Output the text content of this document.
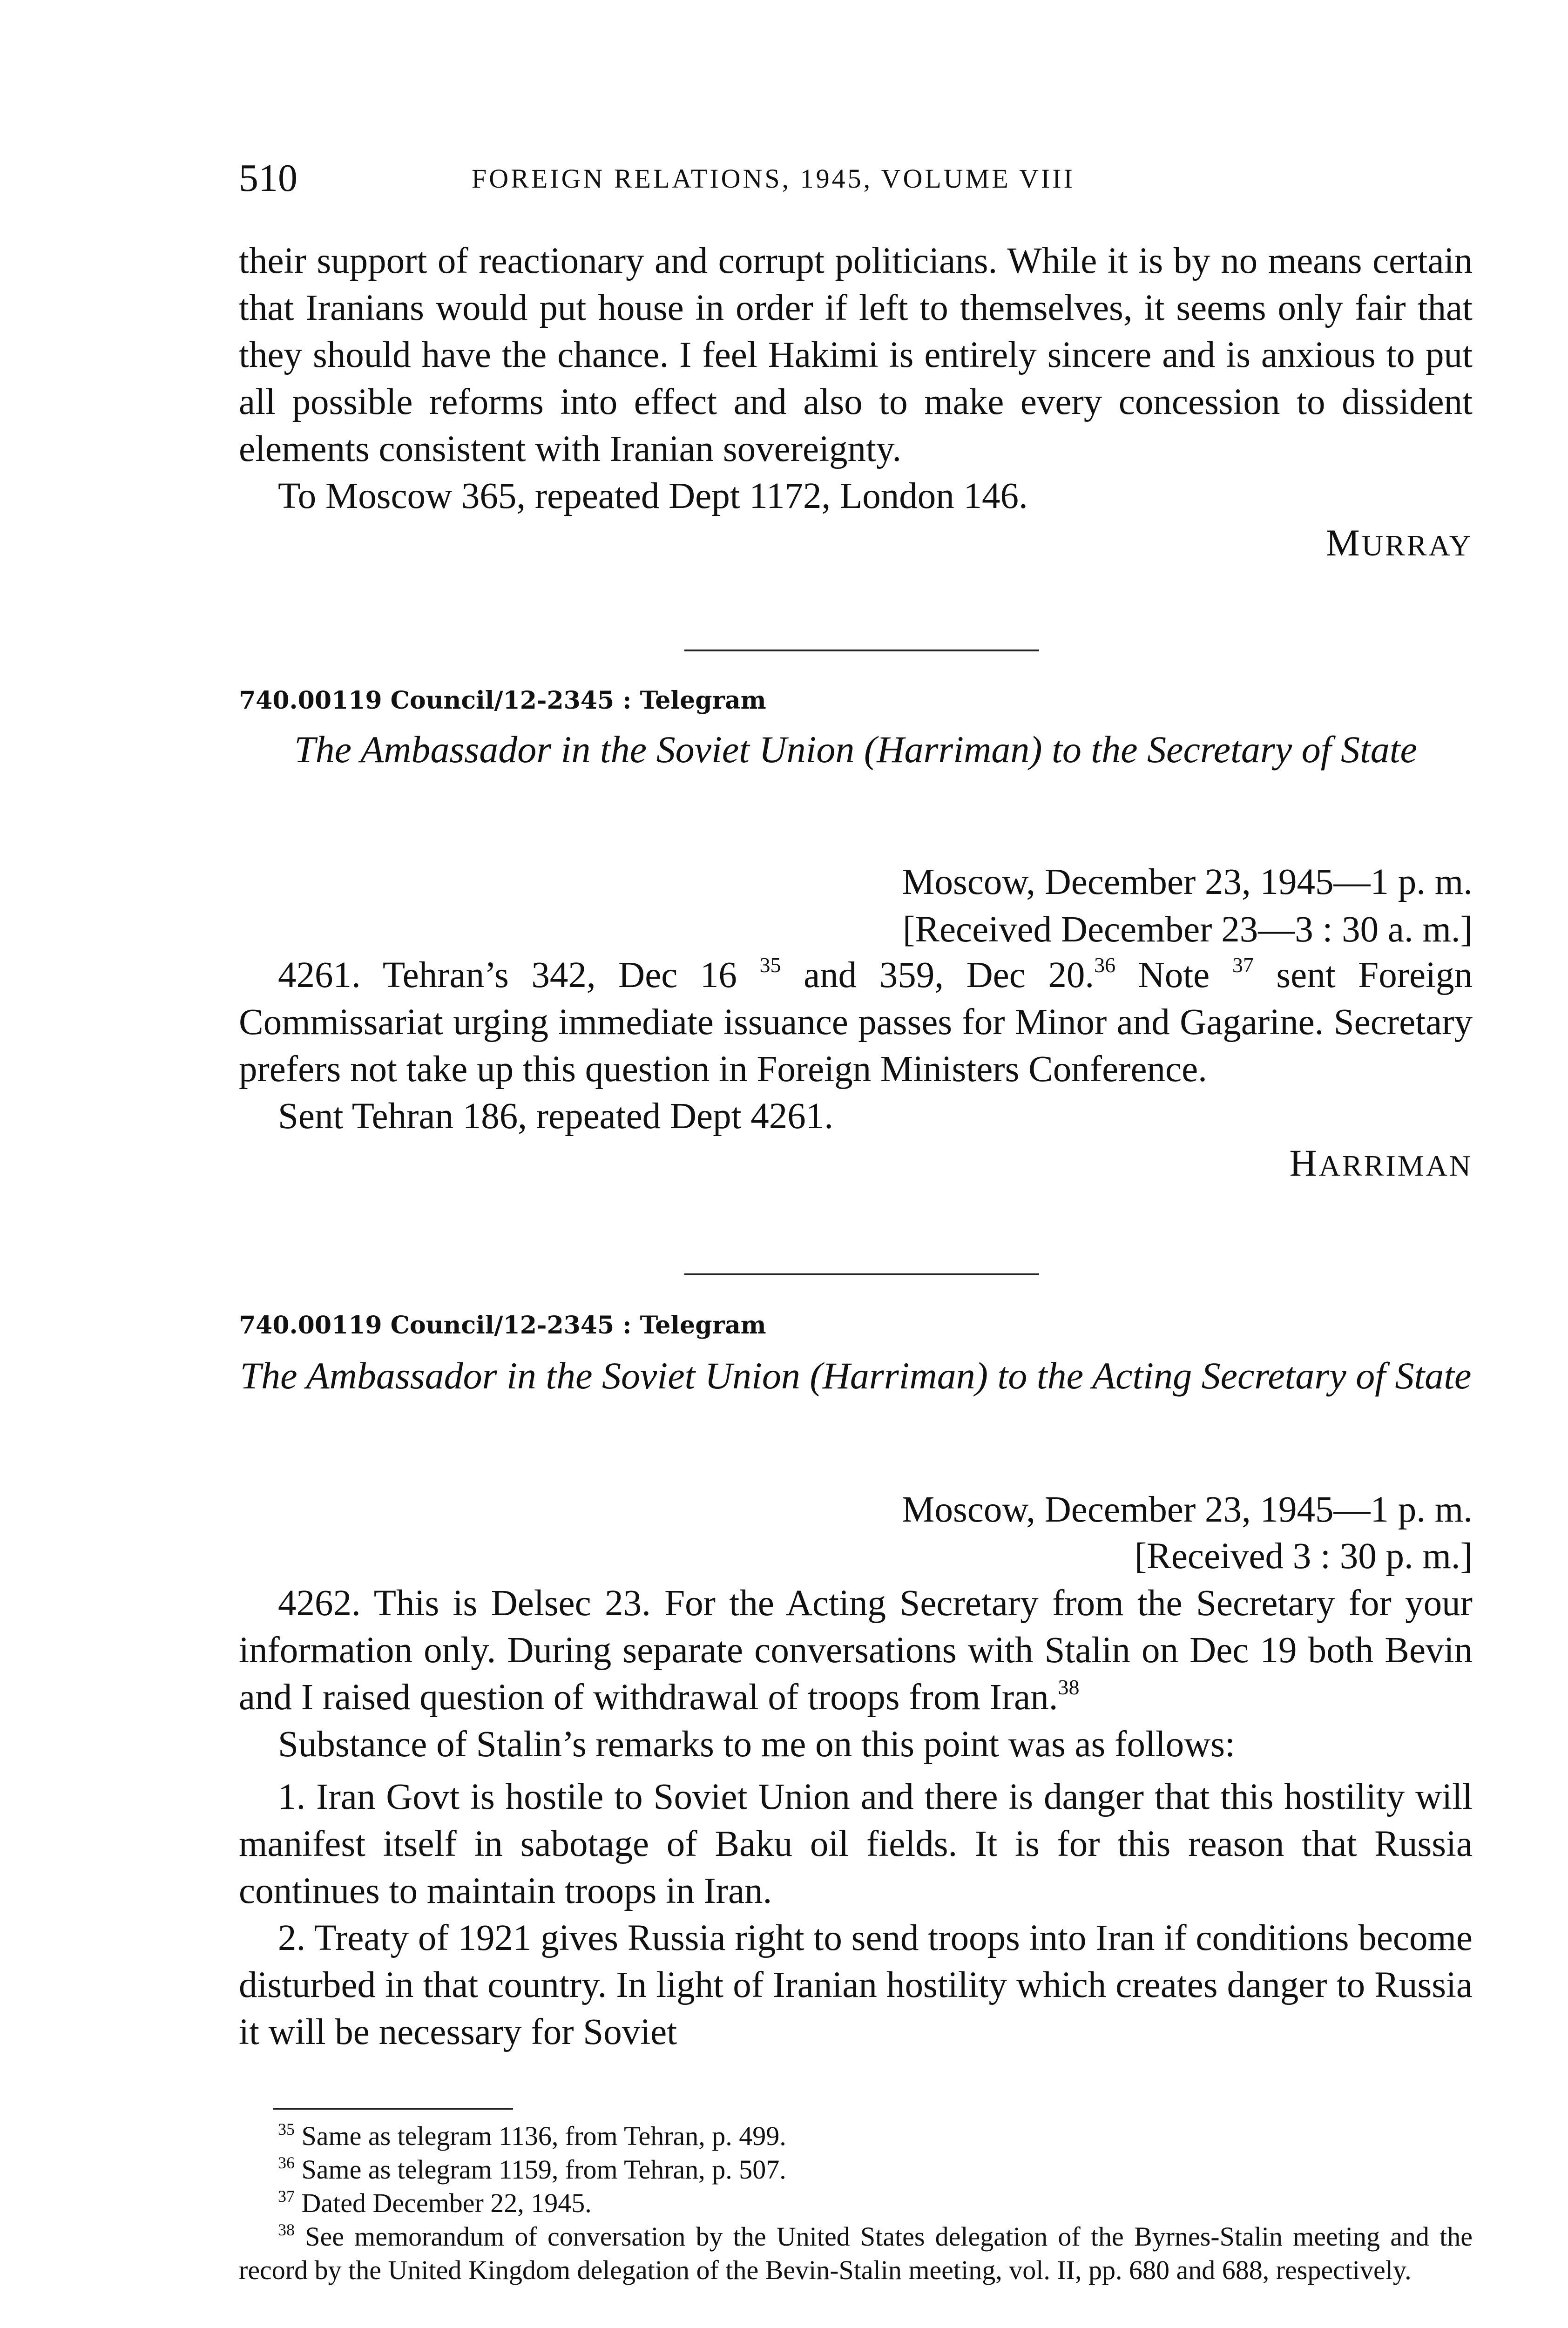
510	FOREIGN RELATIONS, 1945, VOLUME VIII

their support of reactionary and corrupt politicians. While it is by no means certain that Iranians would put house in order if left to themselves, it seems only fair that they should have the chance. I feel Hakimi is entirely sincere and is anxious to put all possible reforms into effect and also to make every concession to dissident elements consistent with Iranian sovereignty.

To Moscow 365, repeated Dept 1172, London 146.

MURRAY
740.00119 Council/12-2345 : Telegram
The Ambassador in the Soviet Union (Harriman) to the Secretary of State
Moscow, December 23, 1945—1 p. m.
[Received December 23—3 : 30 a. m.]

4261. Tehran’s 342, Dec 16 $^{35}$ and 359, Dec 20.36 Note $^{37}$ sent Foreign Commissariat urging immediate issuance passes for Minor and Gagarine. Secretary prefers not take up this question in Foreign Ministers Conference.

Sent Tehran 186, repeated Dept 4261.

HARRIMAN
740.00119 Council/12-2345 : Telegram
The Ambassador in the Soviet Union (Harriman) to the Acting Secretary of State
Moscow, December 23, 1945—1 p. m.
[Received 3 : 30 p. m.]

4262. This is Delsec 23. For the Acting Secretary from the Secretary for your information only. During separate conversations with Stalin on Dec 19 both Bevin and I raised question of withdrawal of troops from Iran.$^{38}$

Substance of Stalin’s remarks to me on this point was as follows:

1. Iran Govt is hostile to Soviet Union and there is danger that this hostility will manifest itself in sabotage of Baku oil fields. It is for this reason that Russia continues to maintain troops in Iran.

2. Treaty of 1921 gives Russia right to send troops into Iran if conditions become disturbed in that country. In light of Iranian hostility which creates danger to Russia it will be necessary for Soviet

$^{35}$ Same as telegram 1136, from Tehran, p. 499.

$^{36}$ Same as telegram 1159, from Tehran, p. 507.

$^{37}$ Dated December 22, 1945.

$^{38}$ See memorandum of conversation by the United States delegation of the Byrnes-Stalin meeting and the record by the United Kingdom delegation of the Bevin-Stalin meeting, vol. II, pp. 680 and 688, respectively.
